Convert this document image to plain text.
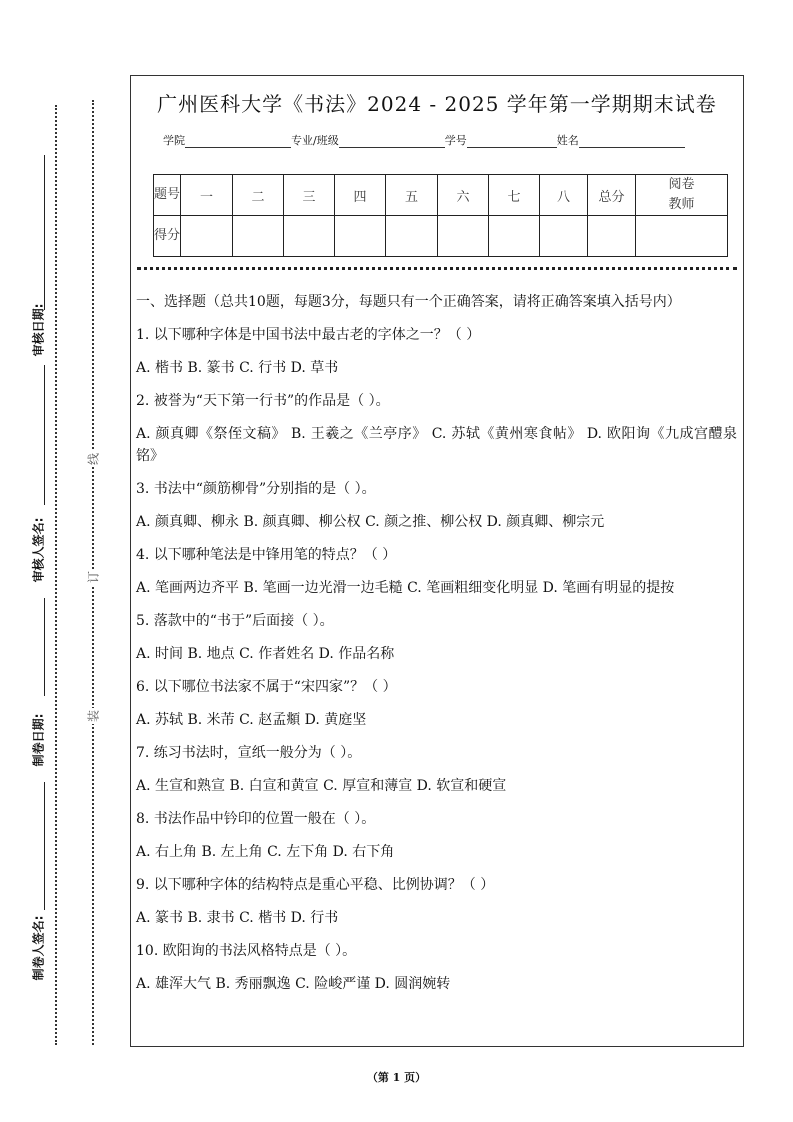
审核日期:
审核人签名:
制卷日期:
制卷人签名:
线
订
装
广州医科大学《书法》2024 - 2025 学年第一学期期末试卷
学院	专业/班级	学号	姓名
题号	一	二	三	四	五	六	七	八	总分	阅卷教师
得分										

一、选择题（总共10题，每题3分，每题只有一个正确答案，请将正确答案填入括号内）

1. 以下哪种字体是中国书法中最古老的字体之一？（ ）

A. 楷书 B. 篆书 C. 行书 D. 草书

2. 被誉为“天下第一行书”的作品是（ ）。

A. 颜真卿《祭侄文稿》 B. 王羲之《兰亭序》 C. 苏轼《黄州寒食帖》 D. 欧阳询《九成宫醴泉铭》

3. 书法中“颜筋柳骨”分别指的是（ ）。

A. 颜真卿、柳永 B. 颜真卿、柳公权 C. 颜之推、柳公权 D. 颜真卿、柳宗元

4. 以下哪种笔法是中锋用笔的特点？（ ）

A. 笔画两边齐平 B. 笔画一边光滑一边毛糙 C. 笔画粗细变化明显 D. 笔画有明显的提按

5. 落款中的“书于”后面接（ ）。

A. 时间 B. 地点 C. 作者姓名 D. 作品名称

6. 以下哪位书法家不属于“宋四家”？（ ）

A. 苏轼 B. 米芾 C. 赵孟頫 D. 黄庭坚

7. 练习书法时，宣纸一般分为（ ）。

A. 生宣和熟宣 B. 白宣和黄宣 C. 厚宣和薄宣 D. 软宣和硬宣

8. 书法作品中钤印的位置一般在（ ）。

A. 右上角 B. 左上角 C. 左下角 D. 右下角

9. 以下哪种字体的结构特点是重心平稳、比例协调？（ ）

A. 篆书 B. 隶书 C. 楷书 D. 行书

10. 欧阳询的书法风格特点是（ ）。

A. 雄浑大气 B. 秀丽飘逸 C. 险峻严谨 D. 圆润婉转

（第 1 页）
